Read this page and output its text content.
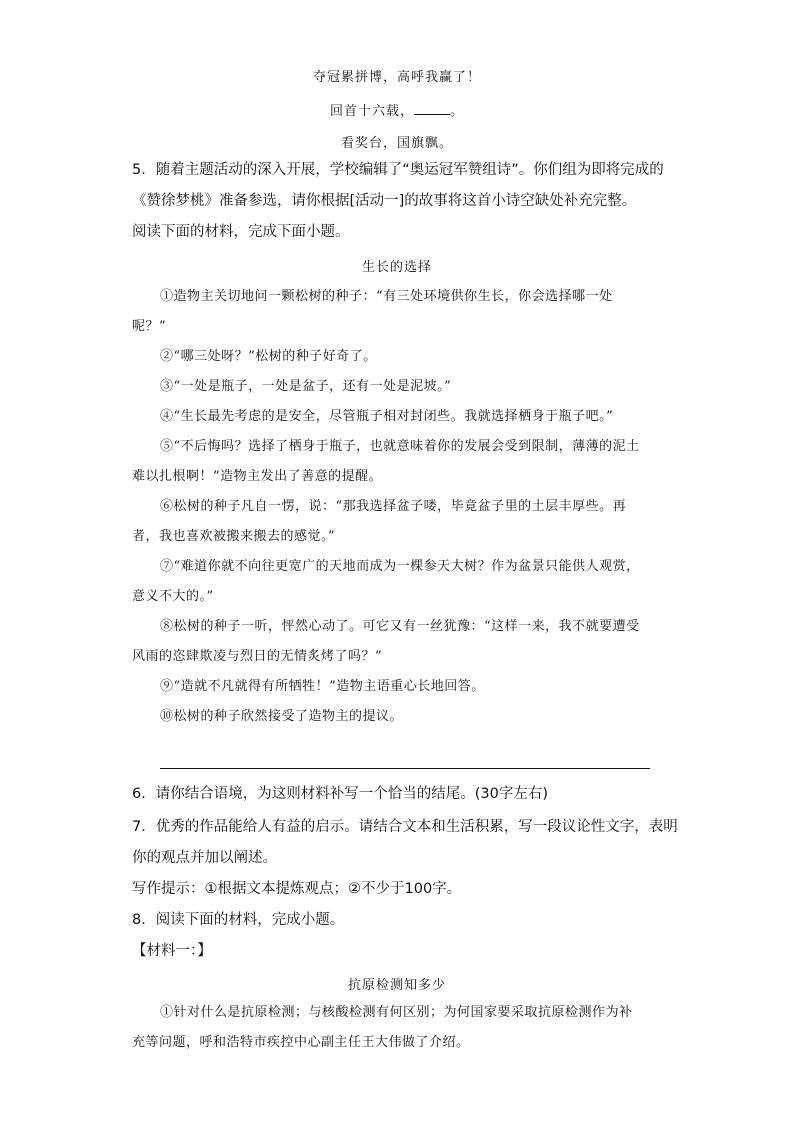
夺冠累拼博，高呼我赢了！
回首十六载，	。
看奖台，国旗飘。
5．随着主题活动的深入开展，学校编辑了“奥运冠军赞组诗”。你们组为即将完成的
《赞徐梦桃》准备参选，请你根据[活动一]的故事将这首小诗空缺处补充完整。
阅读下面的材料，完成下面小题。
生长的选择
①造物主关切地问一颗松树的种子：“有三处环境供你生长，你会选择哪一处
呢？”
②“哪三处呀？”松树的种子好奇了。
③“一处是瓶子，一处是盆子，还有一处是泥坡。”
④“生长最先考虑的是安全，尽管瓶子相对封闭些。我就选择栖身于瓶子吧。”
⑤“不后悔吗？选择了栖身于瓶子，也就意味着你的发展会受到限制，薄薄的泥土
难以扎根啊！”造物主发出了善意的提醒。
⑥松树的种子凡自一愣，说：“那我选择盆子喽，毕竟盆子里的土层丰厚些。再
者，我也喜欢被搬来搬去的感觉。”
⑦“难道你就不向往更宽广的天地而成为一棵参天大树？作为盆景只能供人观赏，
意义不大的。”
⑧松树的种子一听，怦然心动了。可它又有一丝犹豫：“这样一来，我不就要遭受
风雨的恣肆欺凌与烈日的无情炙烤了吗？”
⑨“造就不凡就得有所牺牲！”造物主语重心长地回答。
⑩松树的种子欣然接受了造物主的提议。
6．请你结合语境，为这则材料补写一个恰当的结尾。(30字左右)
7．优秀的作品能给人有益的启示。请结合文本和生活积累，写一段议论性文字，表明
你的观点并加以阐述。
写作提示：①根据文本提炼观点；②不少于100字。
8．阅读下面的材料，完成小题。
【材料一：】
抗原检测知多少
①针对什么是抗原检测；与核酸检测有何区别；为何国家要采取抗原检测作为补
充等问题，呼和浩特市疾控中心副主任王大伟做了介绍。
